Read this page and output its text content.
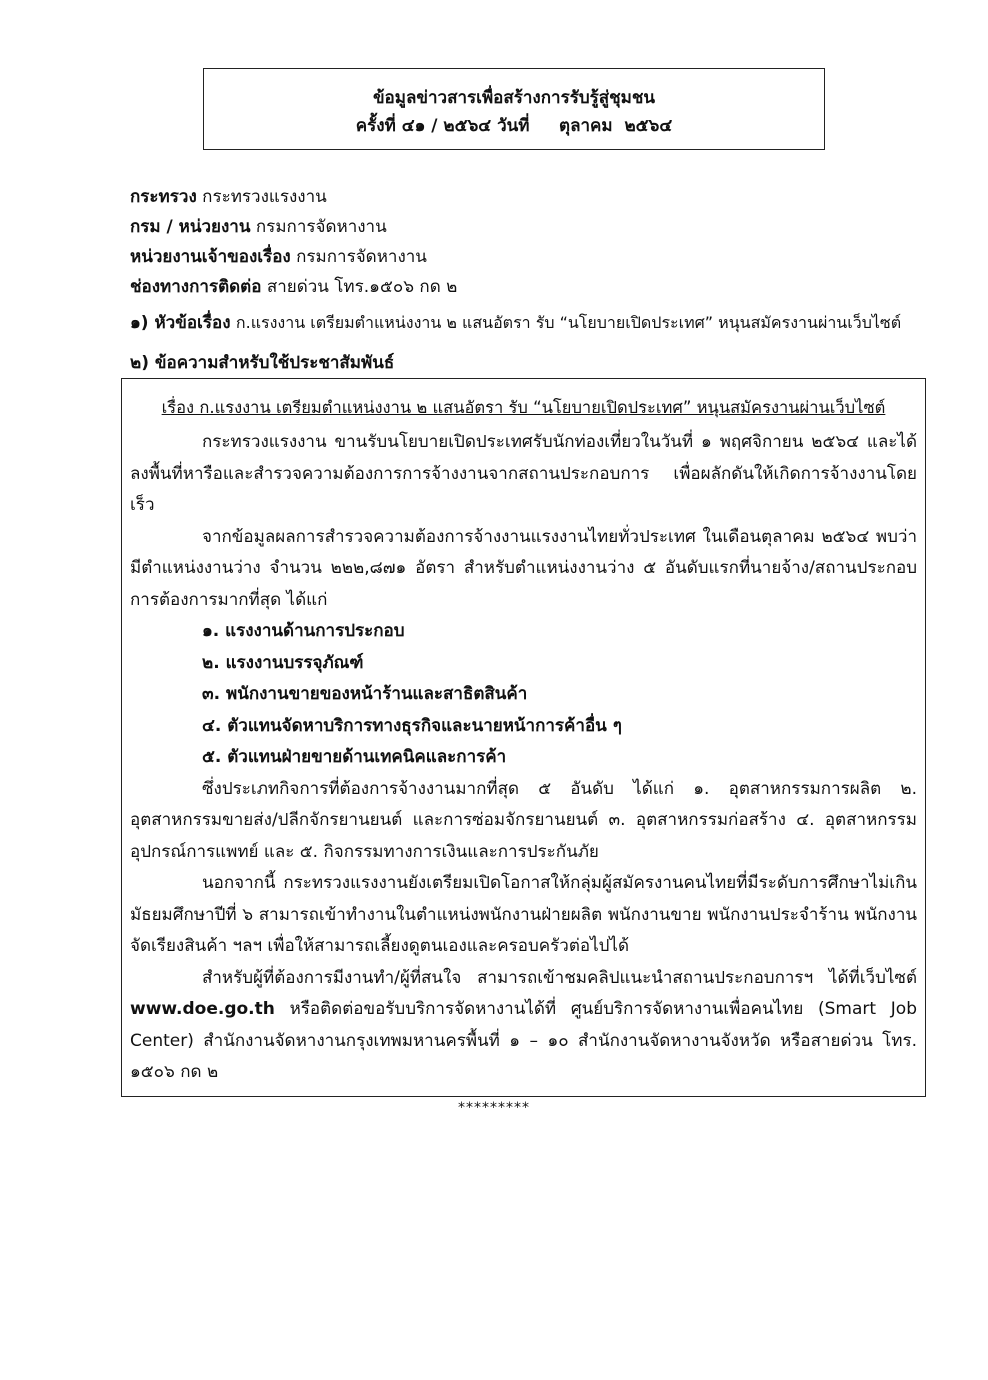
ข้อมูลข่าวสารเพื่อสร้างการรับรู้สู่ชุมชน
ครั้งที่ ๔๑ / ๒๕๖๔ วันที่     ตุลาคม  ๒๕๖๔
กระทรวง กระทรวงแรงงาน
กรม / หน่วยงาน กรมการจัดหางาน
หน่วยงานเจ้าของเรื่อง กรมการจัดหางาน
ช่องทางการติดต่อ สายด่วน โทร.๑๕๐๖ กด ๒
๑) หัวข้อเรื่อง ก.แรงงาน เตรียมตำแหน่งงาน ๒ แสนอัตรา รับ “นโยบายเปิดประเทศ” หนุนสมัครงานผ่านเว็บไซต์
๒) ข้อความสำหรับใช้ประชาสัมพันธ์
เรื่อง ก.แรงงาน เตรียมตำแหน่งงาน ๒ แสนอัตรา รับ “นโยบายเปิดประเทศ” หนุนสมัครงานผ่านเว็บไซต์

กระทรวงแรงงาน ขานรับนโยบายเปิดประเทศรับนักท่องเที่ยวในวันที่ ๑ พฤศจิกายน ๒๕๖๔ และได้ลงพื้นที่หารือและสำรวจความต้องการการจ้างงานจากสถานประกอบการ เพื่อผลักดันให้เกิดการจ้างงานโดยเร็ว

จากข้อมูลผลการสำรวจความต้องการจ้างงานแรงงานไทยทั่วประเทศ ในเดือนตุลาคม ๒๕๖๔ พบว่ามีตำแหน่งงานว่าง จำนวน ๒๒๒,๘๗๑ อัตรา สำหรับตำแหน่งงานว่าง ๕ อันดับแรกที่นายจ้าง/สถานประกอบการต้องการมากที่สุด ได้แก่

๑. แรงงานด้านการประกอบ
๒. แรงงานบรรจุภัณฑ์
๓. พนักงานขายของหน้าร้านและสาธิตสินค้า
๔. ตัวแทนจัดหาบริการทางธุรกิจและนายหน้าการค้าอื่น ๆ
๕. ตัวแทนฝ่ายขายด้านเทคนิคและการค้า

ซึ่งประเภทกิจการที่ต้องการจ้างงานมากที่สุด ๕ อันดับ ได้แก่ ๑. อุตสาหกรรมการผลิต ๒. อุตสาหกรรมขายส่ง/ปลีกจักรยานยนต์ และการซ่อมจักรยานยนต์ ๓. อุตสาหกรรมก่อสร้าง ๔. อุตสาหกรรมอุปกรณ์การแพทย์ และ ๕. กิจกรรมทางการเงินและการประกันภัย

นอกจากนี้ กระทรวงแรงงานยังเตรียมเปิดโอกาสให้กลุ่มผู้สมัครงานคนไทยที่มีระดับการศึกษาไม่เกินมัธยมศึกษาปีที่ ๖ สามารถเข้าทำงานในตำแหน่งพนักงานฝ่ายผลิต พนักงานขาย พนักงานประจำร้าน พนักงานจัดเรียงสินค้า ฯลฯ เพื่อให้สามารถเลี้ยงดูตนเองและครอบครัวต่อไปได้

สำหรับผู้ที่ต้องการมีงานทำ/ผู้ที่สนใจ สามารถเข้าชมคลิปแนะนำสถานประกอบการฯ ได้ที่เว็บไซต์ www.doe.go.th หรือติดต่อขอรับบริการจัดหางานได้ที่ ศูนย์บริการจัดหางานเพื่อคนไทย (Smart Job Center) สำนักงานจัดหางานกรุงเทพมหานครพื้นที่ ๑ – ๑๐ สำนักงานจัดหางานจังหวัด หรือสายด่วน โทร. ๑๕๐๖ กด ๒

*********
